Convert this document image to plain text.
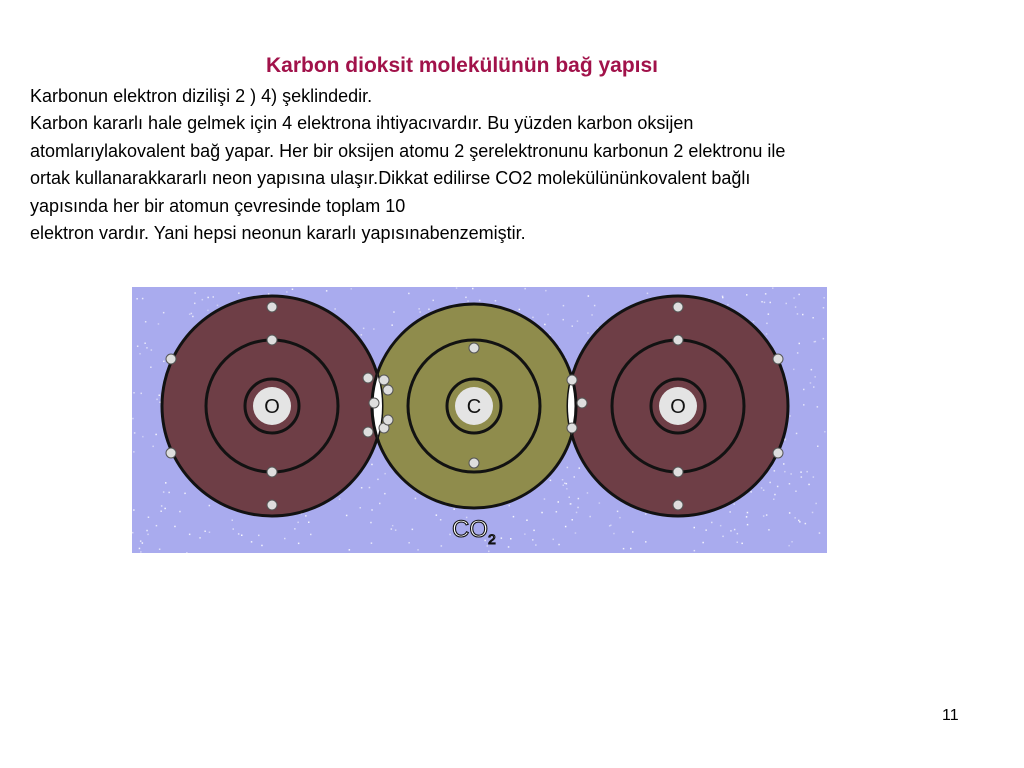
Karbon dioksit molekülünün bağ yapısı
Karbonun elektron dizilişi 2 ) 4) şeklindedir.
Karbon kararlı hale gelmek için 4 elektrona ihtiyacıvardır. Bu yüzden karbon oksijen
atomlarıylakovalent bağ yapar. Her bir oksijen atomu 2 şerelektronunu karbonun 2 elektronu ile
ortak kullanarakkararlı neon yapısına ulaşır.Dikkat edilirse CO2 molekülününkovalent bağlı
yapısında her bir atomun çevresinde toplam 10
elektron vardır. Yani hepsi neonun kararlı yapısınabenzemiştir.
O	C	O
$CO_2$
11
